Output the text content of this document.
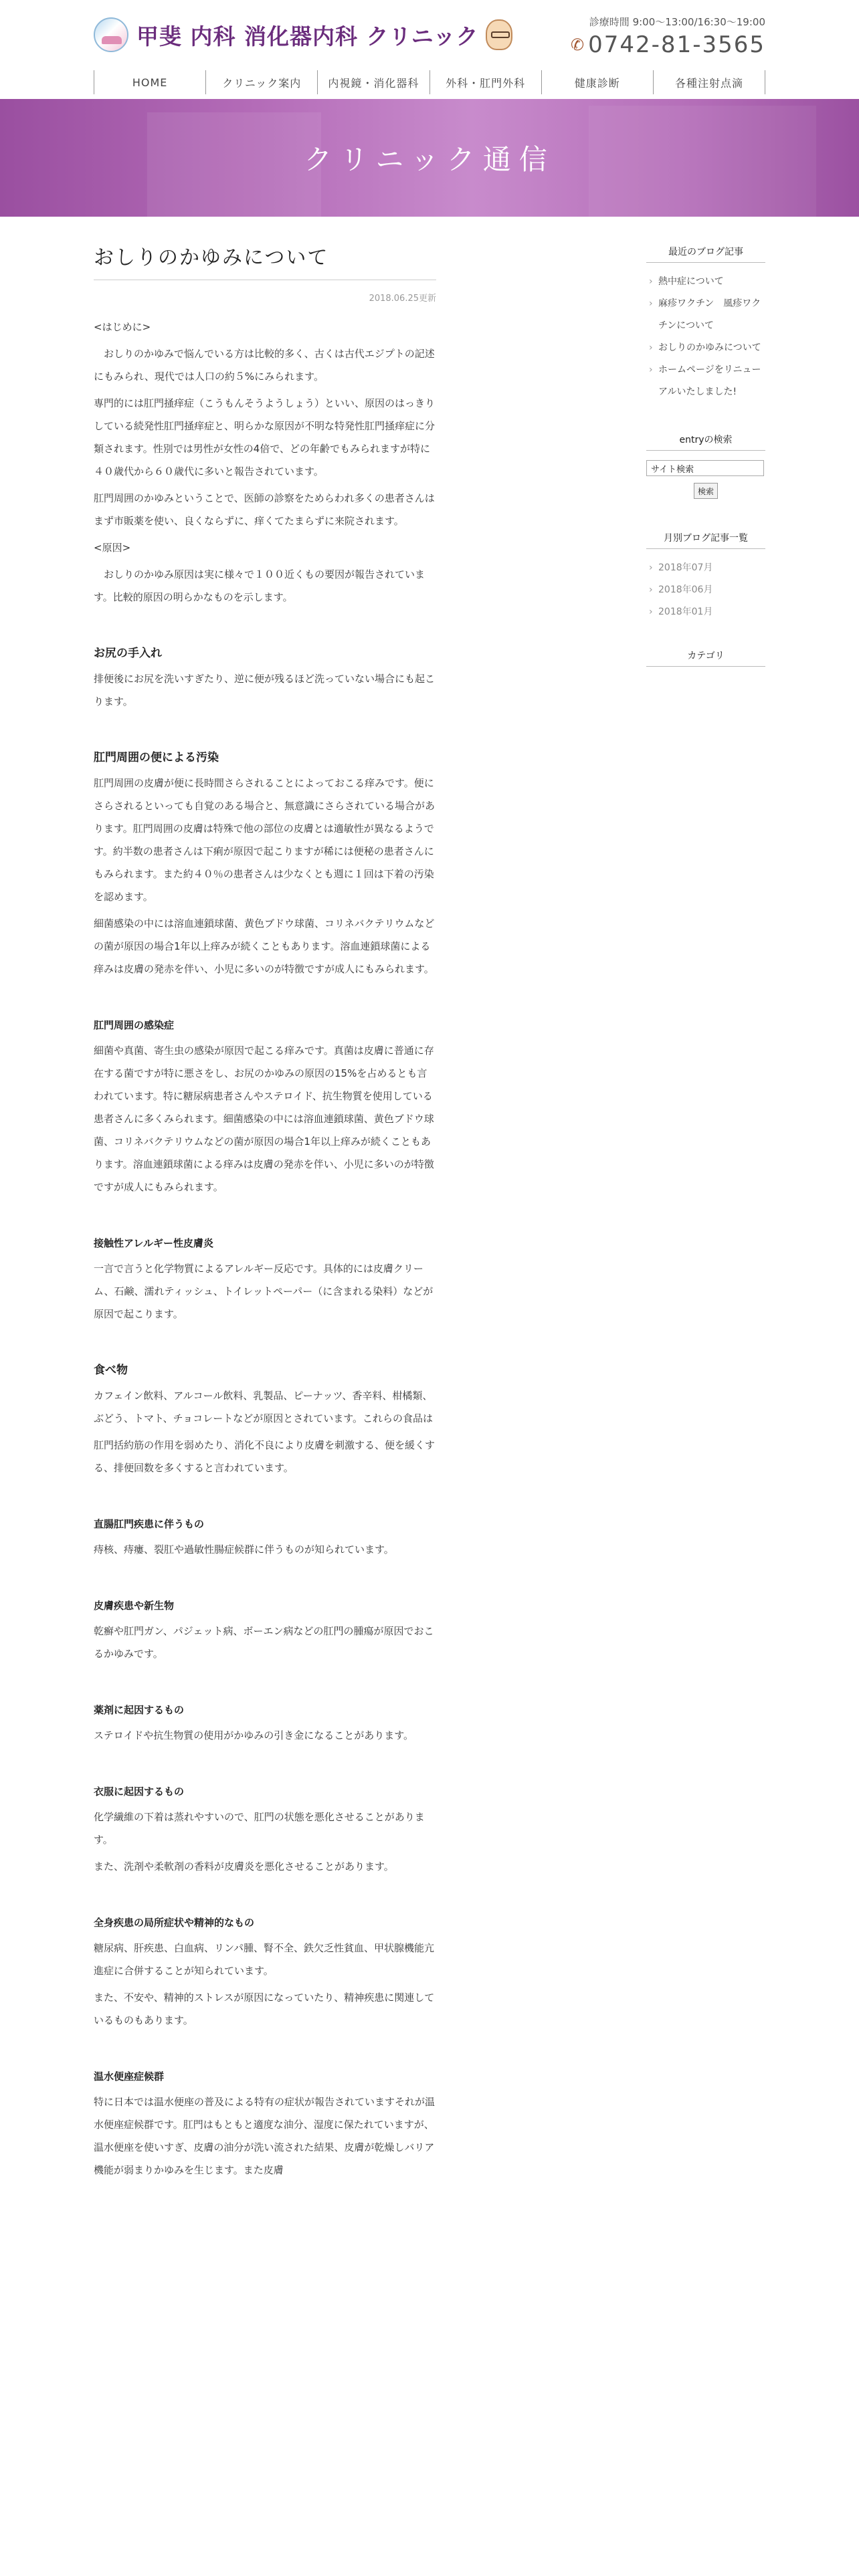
甲斐 内科 消化器内科 クリニック
診療時間 9:00～13:00/16:30～19:00
✆ 0742-81-3565
HOME	クリニック案内	内視鏡・消化器科	外科・肛門外科	健康診断	各種注射点滴
クリニック通信
おしりのかゆみについて
2018.06.25更新

<はじめに>

　おしりのかゆみで悩んでいる方は比較的多く、古くは古代エジプトの記述にもみられ、現代では人口の約５%にみられます。

専門的には肛門掻痒症（こうもんそうようしょう）といい、原因のはっきりしている続発性肛門掻痒症と、明らかな原因が不明な特発性肛門掻痒症に分類されます。性別では男性が女性の4倍で、どの年齢でもみられますが特に４０歳代から６０歳代に多いと報告されています。

肛門周囲のかゆみということで、医師の診察をためらわれ多くの患者さんはまず市販薬を使い、良くならずに、痒くてたまらずに来院されます。

<原因>

　おしりのかゆみ原因は実に様々で１００近くもの要因が報告されています。比較的原因の明らかなものを示します。

お尻の手入れ

排便後にお尻を洗いすぎたり、逆に便が残るほど洗っていない場合にも起こります。

肛門周囲の便による汚染

肛門周囲の皮膚が便に長時間さらされることによっておこる痒みです。便にさらされるといっても自覚のある場合と、無意識にさらされている場合があります。肛門周囲の皮膚は特殊で他の部位の皮膚とは適敏性が異なるようです。約半数の患者さんは下痢が原因で起こりますが稀には便秘の患者さんにもみられます。また約４０％の患者さんは少なくとも週に１回は下着の汚染を認めます。

細菌感染の中には溶血連鎖球菌、黄色ブドウ球菌、コリネバクテリウムなどの菌が原因の場合1年以上痒みが続くこともあります。溶血連鎖球菌による痒みは皮膚の発赤を伴い、小児に多いのが特徴ですが成人にもみられます。

肛門周囲の感染症

細菌や真菌、寄生虫の感染が原因で起こる痒みです。真菌は皮膚に普通に存在する菌ですが特に悪さをし、お尻のかゆみの原因の15%を占めるとも言われています。特に糖尿病患者さんやステロイド、抗生物質を使用している患者さんに多くみられます。細菌感染の中には溶血連鎖球菌、黄色ブドウ球菌、コリネバクテリウムなどの菌が原因の場合1年以上痒みが続くこともあります。溶血連鎖球菌による痒みは皮膚の発赤を伴い、小児に多いのが特徴ですが成人にもみられます。

接触性アレルギー性皮膚炎

一言で言うと化学物質によるアレルギー反応です。具体的には皮膚クリーム、石鹸、濡れティッシュ、トイレットペーパー（に含まれる染料）などが原因で起こります。

食べ物

カフェイン飲料、アルコール飲料、乳製品、ピーナッツ、香辛料、柑橘類、ぶどう、トマト、チョコレートなどが原因とされています。これらの食品は

肛門括約筋の作用を弱めたり、消化不良により皮膚を刺激する、便を緩くする、排便回数を多くすると言われています。

直腸肛門疾患に伴うもの

痔核、痔瘻、裂肛や過敏性腸症候群に伴うものが知られています。

皮膚疾患や新生物

乾癬や肛門ガン、パジェット病、ボーエン病などの肛門の腫瘍が原因でおこるかゆみです。

薬剤に起因するもの

ステロイドや抗生物質の使用がかゆみの引き金になることがあります。

衣服に起因するもの

化学繊維の下着は蒸れやすいので、肛門の状態を悪化させることがあります。

また、洗剤や柔軟剤の香料が皮膚炎を悪化させることがあります。

全身疾患の局所症状や精神的なもの

糖尿病、肝疾患、白血病、リンパ腫、腎不全、鉄欠乏性貧血、甲状腺機能亢進症に合併することが知られています。

また、不安や、精神的ストレスが原因になっていたり、精神疾患に関連しているものもあります。

温水便座症候群

特に日本では温水便座の普及による特有の症状が報告されていますそれが温水便座症候群です。肛門はもともと適度な油分、湿度に保たれていますが、温水便座を使いすぎ、皮膚の油分が洗い流された結果、皮膚が乾燥しバリア機能が弱まりかゆみを生じます。また皮膚

最近のブログ記事
› 熱中症について
› 麻疹ワクチン　風疹ワクチンについて
› おしりのかゆみについて
› ホームページをリニューアルいたしました!
entryの検索
サイト検索
検索
月別ブログ記事一覧
› 2018年07月
› 2018年06月
› 2018年01月
カテゴリ
